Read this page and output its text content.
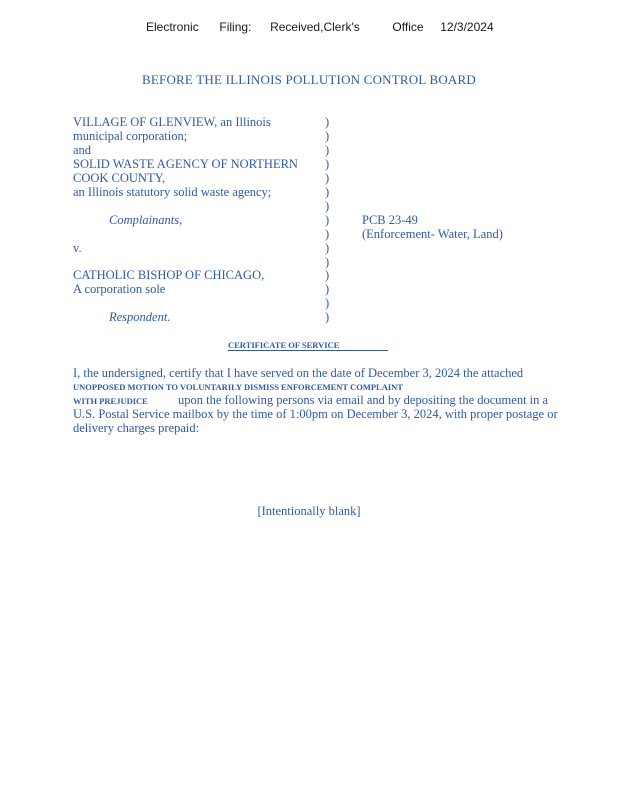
Electronic Filing: Received,Clerk's	Office 12/3/2024
BEFORE THE ILLINOIS POLLUTION CONTROL BOARD
VILLAGE OF GLENVIEW, an Illinois
municipal corporation;
and
SOLID WASTE AGENCY OF NORTHERN
COOK COUNTY,
an Illinois statutory solid waste agency;
Complainants,
v.
CATHOLIC BISHOP OF CHICAGO,
A corporation sole
Respondent.
)
)
)
)
)
)
)
)
)
)
)
)
)
)
)
PCB 23-49
(Enforcement- Water, Land)
CERTIFICATE OF SERVICE
I, the undersigned, certify that I have served on the date of December 3, 2024 the attached
UNOPPOSED MOTION TO VOLUNTARILY DISMISS ENFORCEMENT COMPLAINT
WITH PREJUDICE upon the following persons via email and by depositing the document in a
U.S. Postal Service mailbox by the time of 1:00pm on December 3, 2024, with proper postage or
delivery charges prepaid:
[Intentionally blank]
